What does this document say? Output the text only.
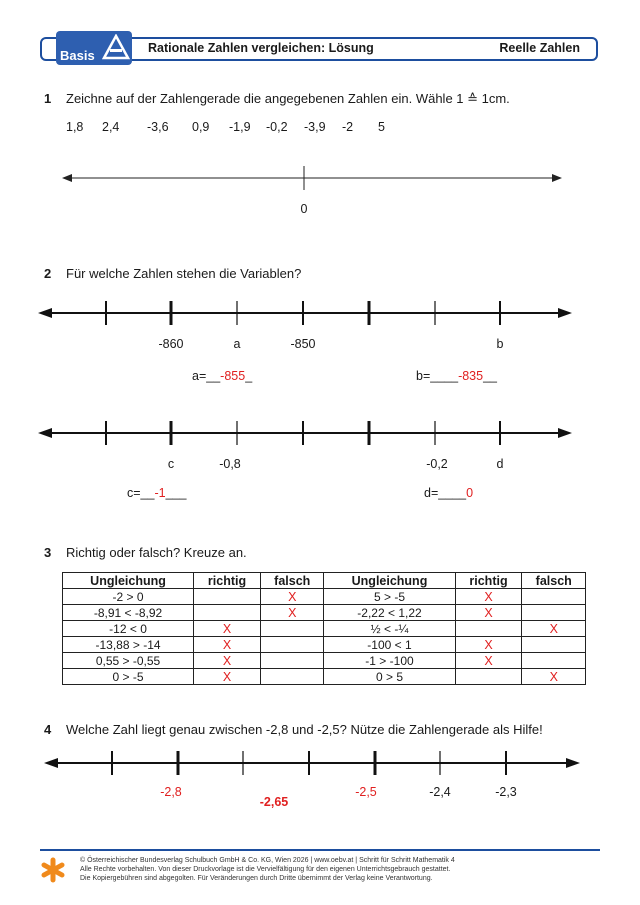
Basis	Rationale Zahlen vergleichen: Lösung	Reelle Zahlen
1 Zeichne auf der Zahlengerade die angegebenen Zahlen ein. Wähle 1 ≙ 1cm.
1,8 2,4 -3,6 0,9 -1,9 -0,2 -3,9 -2 5
0
2 Für welche Zahlen stehen die Variablen?
-860	a	-850	b
a=__-855_	b=____-835__
c	-0,8	-0,2	d
c=__-1___	d=____0
3 Richtig oder falsch? Kreuze an.
Ungleichung	richtig	falsch	Ungleichung	richtig	falsch
-2 > 0		X	5 > -5	X	
-8,91 < -8,92		X	-2,22 < 1,22	X	
-12 < 0	X		½ < -¼		X
-13,88 > -14	X		-100 < 1	X	
0,55 > -0,55	X		-1 > -100	X	
0 > -5	X		0 > 5		X
4 Welche Zahl liegt genau zwischen -2,8 und -2,5? Nütze die Zahlengerade als Hilfe!
-2,8	-2,5	-2,4	-2,3
-2,65
© Österreichischer Bundesverlag Schulbuch GmbH & Co. KG, Wien 2026 | www.oebv.at | Schritt für Schritt Mathematik 4
Alle Rechte vorbehalten. Von dieser Druckvorlage ist die Vervielfältigung für den eigenen Unterrichtsgebrauch gestattet.
Die Kopiergebühren sind abgegolten. Für Veränderungen durch Dritte übernimmt der Verlag keine Verantwortung.
